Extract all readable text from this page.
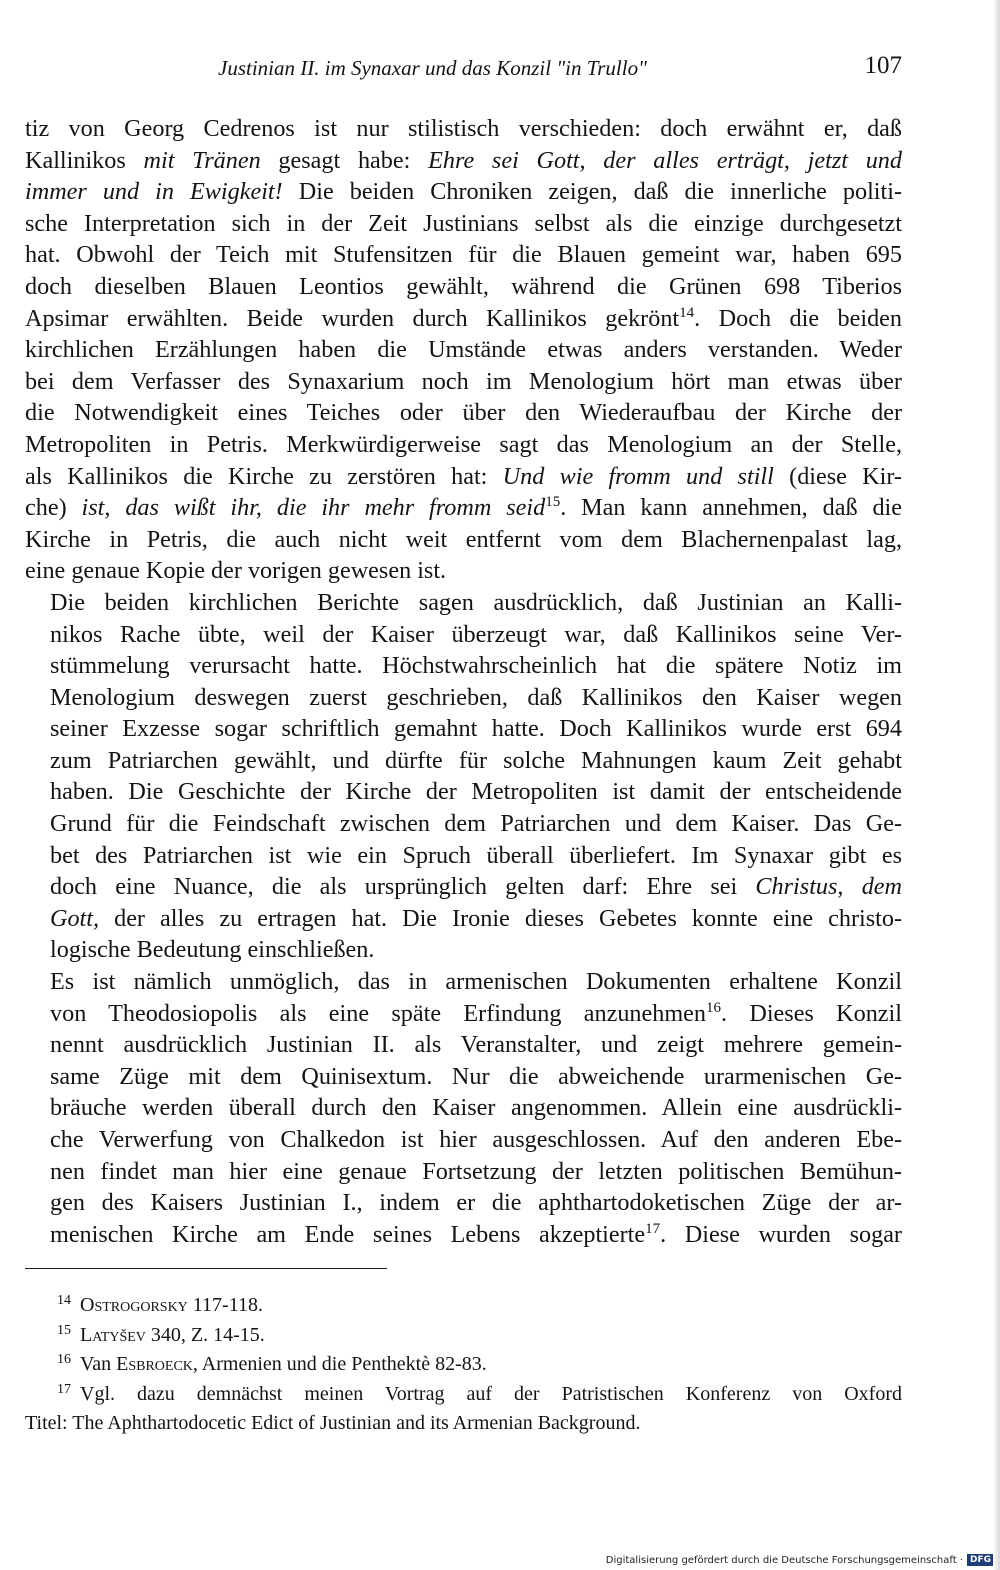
Justinian II. im Synaxar und das Konzil "in Trullo"	107

tiz von Georg Cedrenos ist nur stilistisch verschieden: doch erwähnt er, daß
Kallinikos mit Tränen gesagt habe: Ehre sei Gott, der alles erträgt, jetzt und
immer und in Ewigkeit! Die beiden Chroniken zeigen, daß die innerliche politi-
sche Interpretation sich in der Zeit Justinians selbst als die einzige durchgesetzt
hat. Obwohl der Teich mit Stufensitzen für die Blauen gemeint war, haben 695
doch dieselben Blauen Leontios gewählt, während die Grünen 698 Tiberios
Apsimar erwählten. Beide wurden durch Kallinikos gekrönt$^{14}$. Doch die beiden
kirchlichen Erzählungen haben die Umstände etwas anders verstanden. Weder
bei dem Verfasser des Synaxarium noch im Menologium hört man etwas über
die Notwendigkeit eines Teiches oder über den Wiederaufbau der Kirche der
Metropoliten in Petris. Merkwürdigerweise sagt das Menologium an der Stelle,
als Kallinikos die Kirche zu zerstören hat: Und wie fromm und still (diese Kir-
che) ist, das wißt ihr, die ihr mehr fromm seid$^{15}$. Man kann annehmen, daß die
Kirche in Petris, die auch nicht weit entfernt vom dem Blachernenpalast lag,
eine genaue Kopie der vorigen gewesen ist.

Die beiden kirchlichen Berichte sagen ausdrücklich, daß Justinian an Kalli-
nikos Rache übte, weil der Kaiser überzeugt war, daß Kallinikos seine Ver-
stümmelung verursacht hatte. Höchstwahrscheinlich hat die spätere Notiz im
Menologium deswegen zuerst geschrieben, daß Kallinikos den Kaiser wegen
seiner Exzesse sogar schriftlich gemahnt hatte. Doch Kallinikos wurde erst 694
zum Patriarchen gewählt, und dürfte für solche Mahnungen kaum Zeit gehabt
haben. Die Geschichte der Kirche der Metropoliten ist damit der entscheidende
Grund für die Feindschaft zwischen dem Patriarchen und dem Kaiser. Das Ge-
bet des Patriarchen ist wie ein Spruch überall überliefert. Im Synaxar gibt es
doch eine Nuance, die als ursprünglich gelten darf: Ehre sei Christus, dem
Gott, der alles zu ertragen hat. Die Ironie dieses Gebetes konnte eine christo-
logische Bedeutung einschließen.

Es ist nämlich unmöglich, das in armenischen Dokumenten erhaltene Konzil
von Theodosiopolis als eine späte Erfindung anzunehmen$^{16}$. Dieses Konzil
nennt ausdrücklich Justinian II. als Veranstalter, und zeigt mehrere gemein-
same Züge mit dem Quinisextum. Nur die abweichende urarmenischen Ge-
bräuche werden überall durch den Kaiser angenommen. Allein eine ausdrückli-
che Verwerfung von Chalkedon ist hier ausgeschlossen. Auf den anderen Ebe-
nen findet man hier eine genaue Fortsetzung der letzten politischen Bemühun-
gen des Kaisers Justinian I., indem er die aphthartodoketischen Züge der ar-
menischen Kirche am Ende seines Lebens akzeptierte$^{17}$. Diese wurden sogar

$^{14}$ Ostrogorsky 117-118.
$^{15}$ Latyšev 340, Z. 14-15.
$^{16}$ Van Esbroeck, Armenien und die Penthektè 82-83.
$^{17}$ Vgl. dazu demnächst meinen Vortrag auf der Patristischen Konferenz von Oxford
Titel: The Aphthartodocetic Edict of Justinian and its Armenian Background.
Digitalisierung gefördert durch die Deutsche Forschungsgemeinschaft · DFG
